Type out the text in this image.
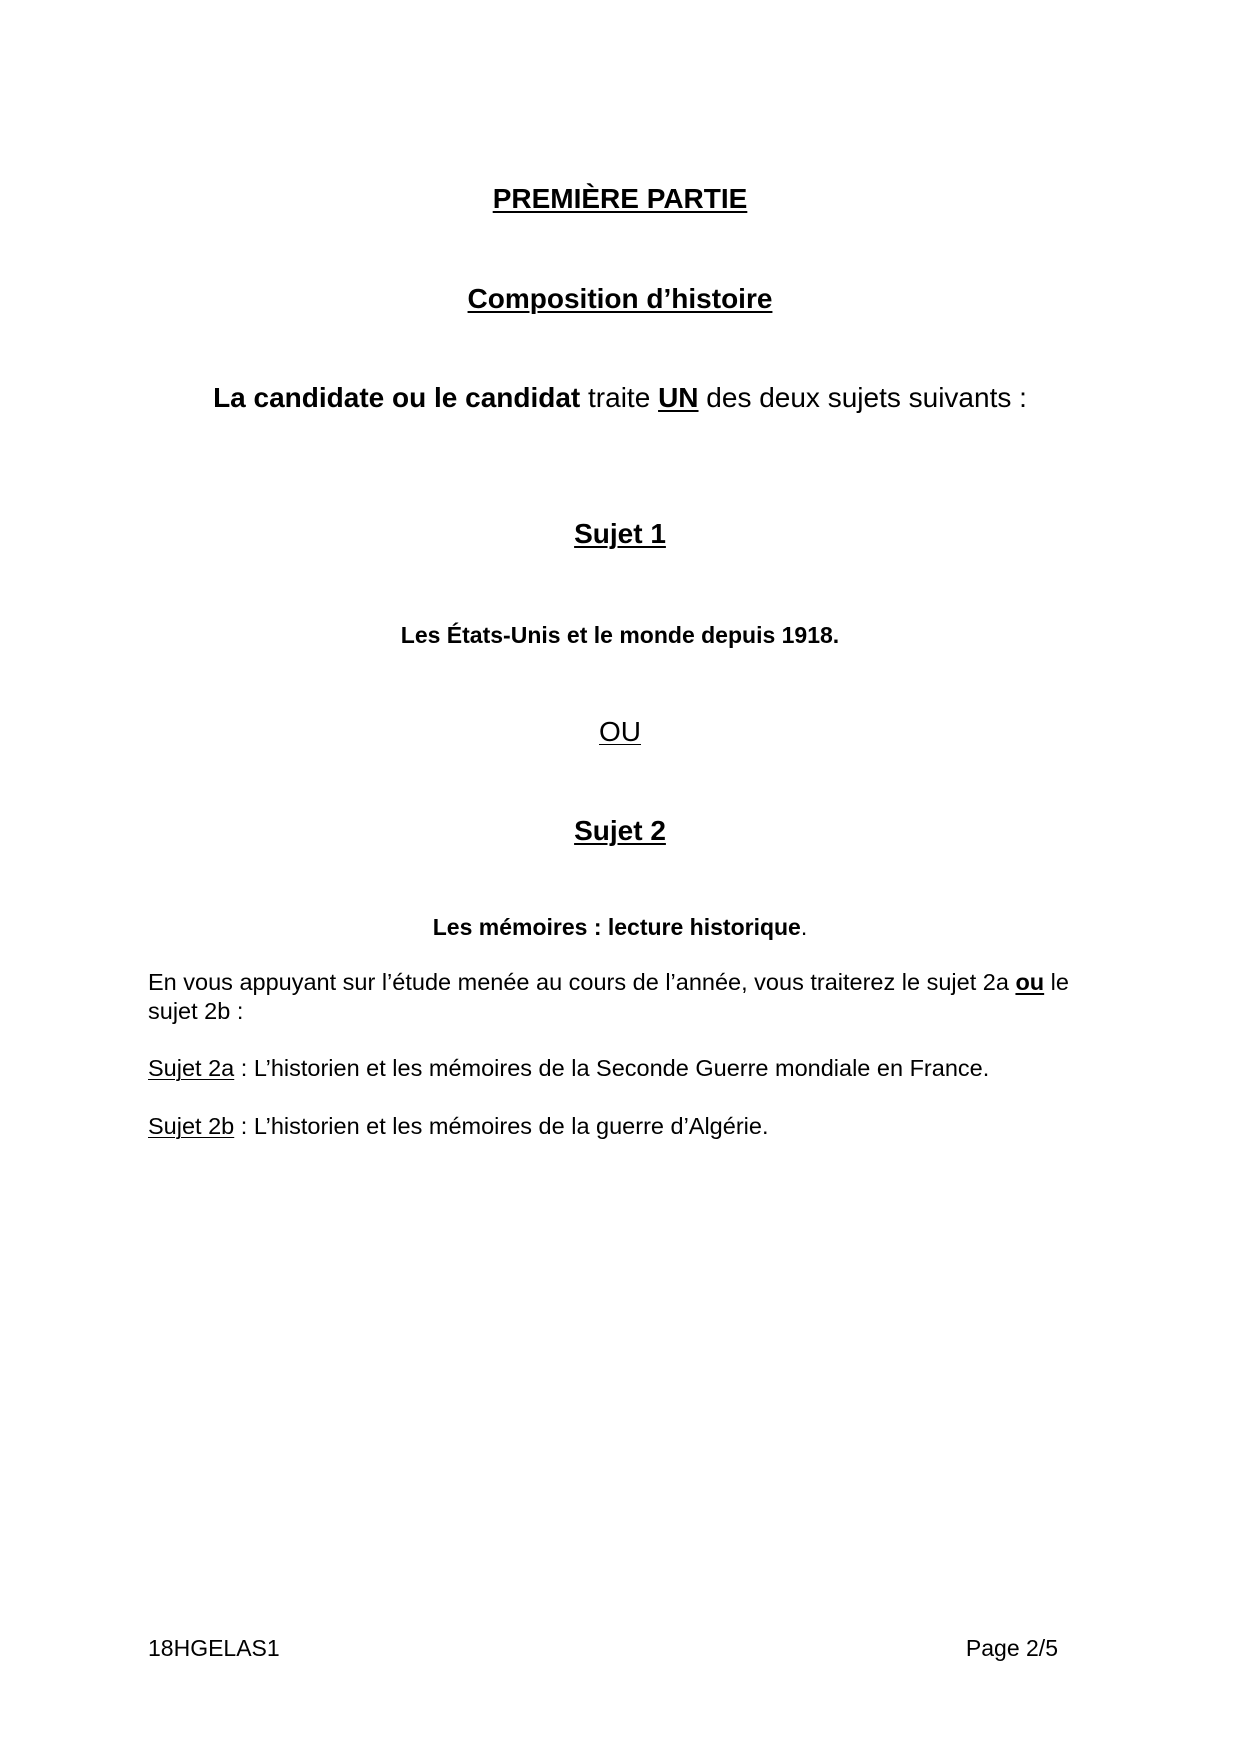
PREMIÈRE PARTIE
Composition d’histoire
La candidate ou le candidat traite UN des deux sujets suivants :
Sujet 1
Les États-Unis et le monde depuis 1918.
OU
Sujet 2
Les mémoires : lecture historique.
En vous appuyant sur l’étude menée au cours de l’année, vous traiterez le sujet 2a ou le sujet 2b :
Sujet 2a : L’historien et les mémoires de la Seconde Guerre mondiale en France.
Sujet 2b : L’historien et les mémoires de la guerre d’Algérie.
18HGELAS1	Page 2/5
